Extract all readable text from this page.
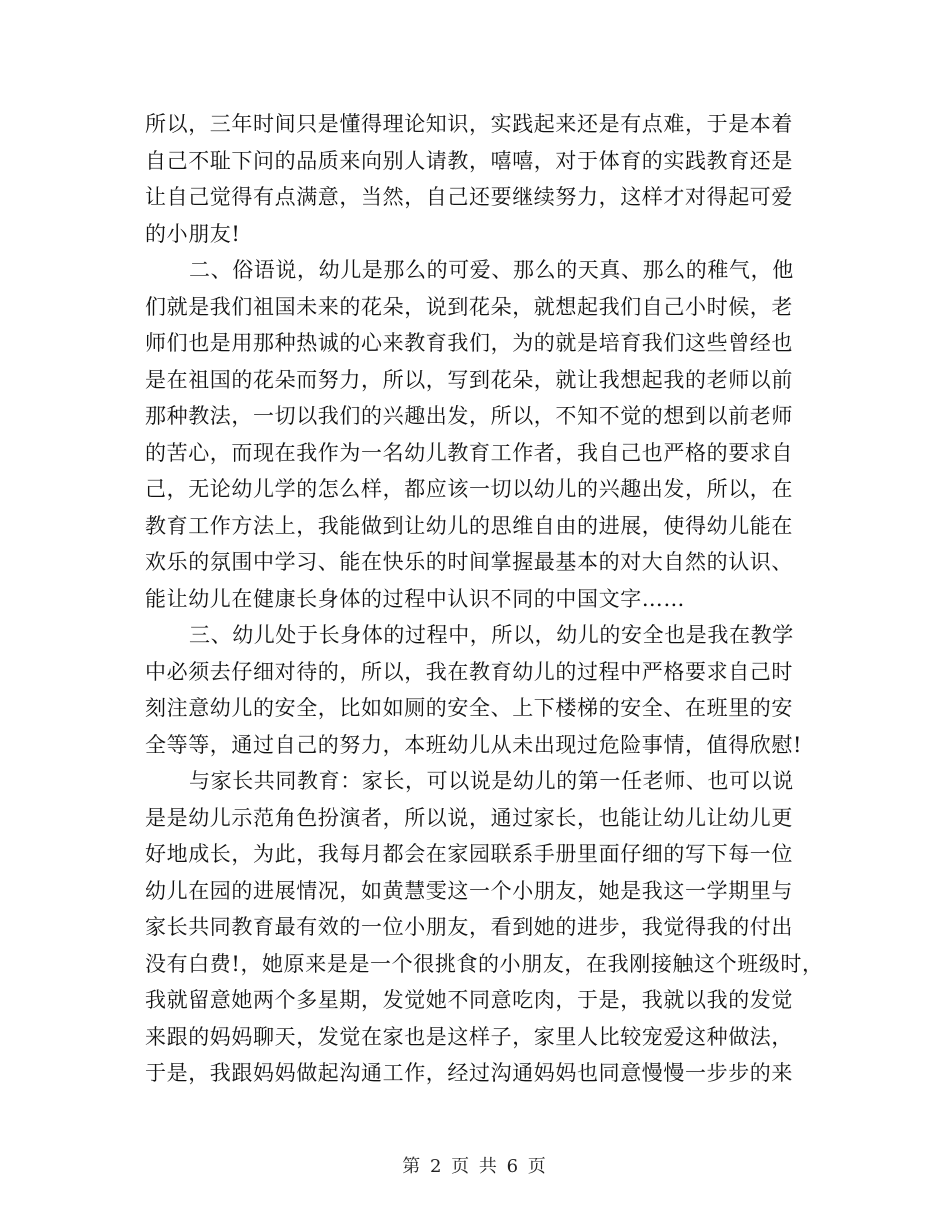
所以，三年时间只是懂得理论知识，实践起来还是有点难，于是本着
自己不耻下问的品质来向别人请教，嘻嘻，对于体育的实践教育还是
让自己觉得有点满意，当然，自己还要继续努力，这样才对得起可爱
的小朋友!

二、俗语说，幼儿是那么的可爱、那么的天真、那么的稚气，他
们就是我们祖国未来的花朵，说到花朵，就想起我们自己小时候，老
师们也是用那种热诚的心来教育我们，为的就是培育我们这些曾经也
是在祖国的花朵而努力，所以，写到花朵，就让我想起我的老师以前
那种教法，一切以我们的兴趣出发，所以，不知不觉的想到以前老师
的苦心，而现在我作为一名幼儿教育工作者，我自己也严格的要求自
己，无论幼儿学的怎么样，都应该一切以幼儿的兴趣出发，所以，在
教育工作方法上，我能做到让幼儿的思维自由的进展，使得幼儿能在
欢乐的氛围中学习、能在快乐的时间掌握最基本的对大自然的认识、
能让幼儿在健康长身体的过程中认识不同的中国文字……

三、幼儿处于长身体的过程中，所以，幼儿的安全也是我在教学
中必须去仔细对待的，所以，我在教育幼儿的过程中严格要求自己时
刻注意幼儿的安全，比如如厕的安全、上下楼梯的安全、在班里的安
全等等，通过自己的努力，本班幼儿从未出现过危险事情，值得欣慰!

与家长共同教育：家长，可以说是幼儿的第一任老师、也可以说
是是幼儿示范角色扮演者，所以说，通过家长，也能让幼儿让幼儿更
好地成长，为此，我每月都会在家园联系手册里面仔细的写下每一位
幼儿在园的进展情况，如黄慧雯这一个小朋友，她是我这一学期里与
家长共同教育最有效的一位小朋友，看到她的进步，我觉得我的付出
没有白费!，她原来是是一个很挑食的小朋友，在我刚接触这个班级时，
我就留意她两个多星期，发觉她不同意吃肉，于是，我就以我的发觉
来跟的妈妈聊天，发觉在家也是这样子，家里人比较宠爱这种做法，
于是，我跟妈妈做起沟通工作，经过沟通妈妈也同意慢慢一步步的来

第 2 页 共 6 页
